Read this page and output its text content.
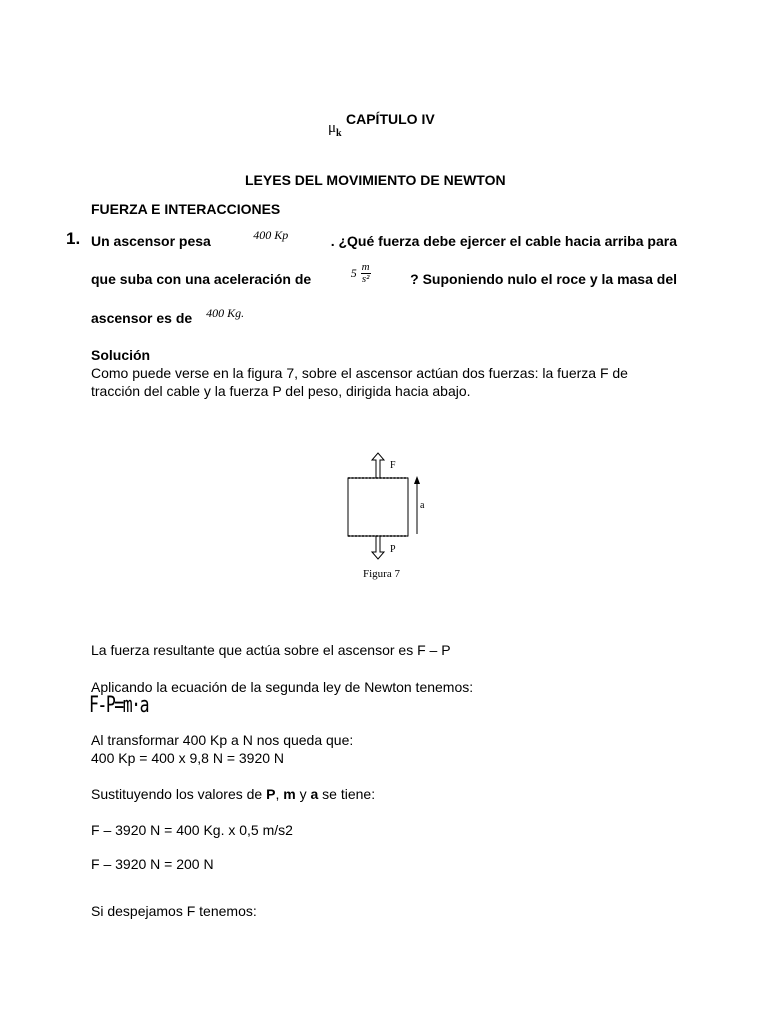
$\mu_k$
CAPÍTULO IV
LEYES DEL MOVIMIENTO DE NEWTON
FUERZA E INTERACCIONES
1. Un ascensor pesa	400 Kp	. ¿Qué fuerza debe ejercer el cable hacia arriba para
que suba con una aceleración de	$5 \frac{m}{\text{s²}}$	? Suponiendo nulo el roce y la masa del
ascensor es de 400 Kg.
Solución
Como puede verse en la figura 7, sobre el ascensor actúan dos fuerzas: la fuerza F de
tracción del cable y la fuerza P del peso, dirigida hacia abajo.
F
P
a
Figura 7
La fuerza resultante que actúa sobre el ascensor es F – P
Aplicando la ecuación de la segunda ley de Newton tenemos:
F-P=m·a
Al transformar 400 Kp a N nos queda que:
400 Kp = 400 x 9,8 N = 3920 N
Sustituyendo los valores de P, m y a se tiene:
F – 3920 N = 400 Kg. x 0,5 m/s2
F – 3920 N = 200 N
Si despejamos F tenemos:
